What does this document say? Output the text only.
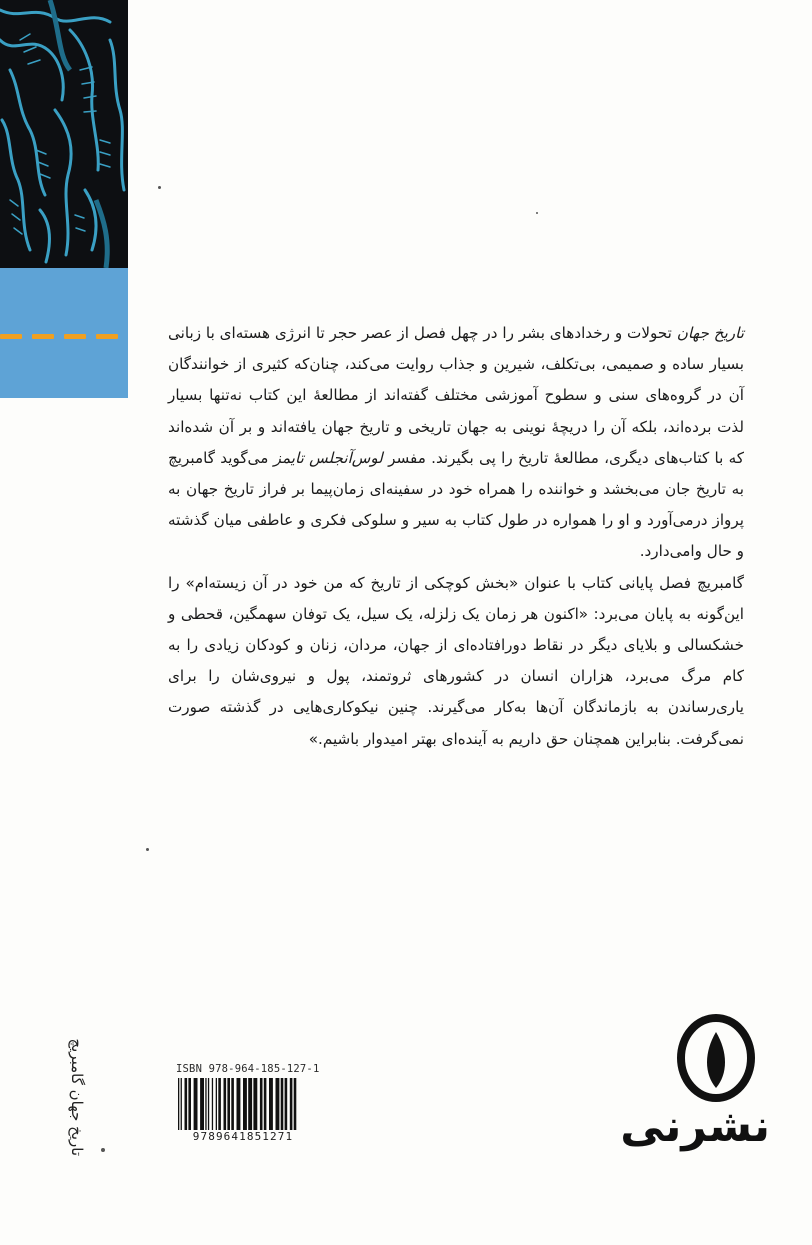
تاریخ جهان تحولات و رخدادهای بشر را در چهل فصل از عصر حجر تا انرژی هسته‌ای با زبانی بسیار ساده و صمیمی، بی‌تکلف، شیرین و جذاب روایت می‌کند، چنان‌که کثیری از خوانندگان آن در گروه‌های سنی و سطوح آموزشی مختلف گفته‌اند از مطالعهٔ این کتاب نه‌تنها بسیار لذت برده‌اند، بلکه آن را دریچهٔ نوینی به جهان تاریخی و تاریخ جهان یافته‌اند و بر آن شده‌اند که با کتاب‌های دیگری، مطالعهٔ تاریخ را پی بگیرند. مفسر لوس‌آنجلس تایمز می‌گوید گامبریچ به تاریخ جان می‌بخشد و خواننده را همراه خود در سفینه‌ای زمان‌پیما بر فراز تاریخ جهان به پرواز درمی‌آورد و او را همواره در طول کتاب به سیر و سلوکی فکری و عاطفی میان گذشته و حال وامی‌دارد.

گامبریچ فصل پایانی کتاب با عنوان «بخش کوچکی از تاریخ که من خود در آن زیسته‌ام» را این‌گونه به پایان می‌برد: «اکنون هر زمان یک زلزله، یک سیل، یک توفان سهمگین، قحطی و خشکسالی و بلایای دیگر در نقاط دورافتاده‌ای از جهان، مردان، زنان و کودکان زیادی را به کام مرگ می‌برد، هزاران انسان در کشورهای ثروتمند، پول و نیروی‌شان را برای یاری‌رساندن به بازماندگان آن‌ها به‌کار می‌گیرند. چنین نیکوکاری‌هایی در گذشته صورت نمی‌گرفت. بنابراین همچنان حق داریم به آینده‌ای بهتر امیدوار باشیم.»

تاریخ جهان گامبریچ	ISBN 978-964-185-127-1
9789641851271	نشرنی
